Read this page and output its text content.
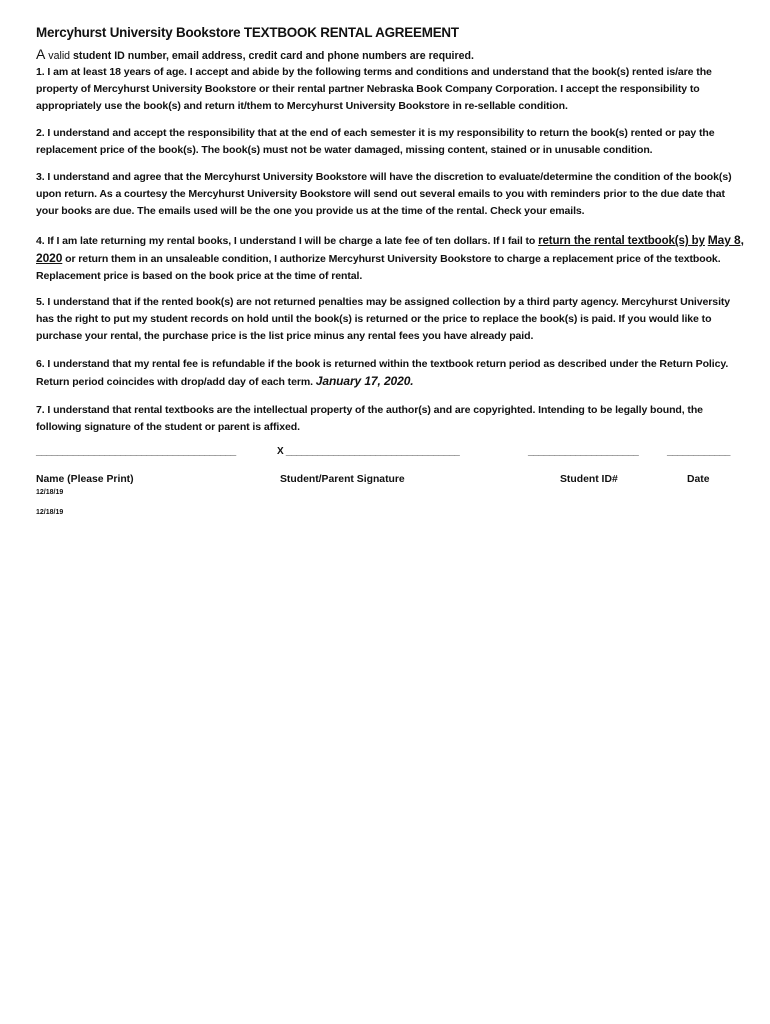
Mercyhurst University Bookstore TEXTBOOK RENTAL AGREEMENT
A valid student ID number, email address, credit card and phone numbers are required.
1. I am at least 18 years of age. I accept and abide by the following terms and conditions and understand that the book(s) rented is/are the property of Mercyhurst University Bookstore or their rental partner Nebraska Book Company Corporation. I accept the responsibility to appropriately use the book(s) and return it/them to Mercyhurst University Bookstore in re-sellable condition.
2. I understand and accept the responsibility that at the end of each semester it is my responsibility to return the book(s) rented or pay the replacement price of the book(s). The book(s) must not be water damaged, missing content, stained or in unusable condition.
3. I understand and agree that the Mercyhurst University Bookstore will have the discretion to evaluate/determine the condition of the book(s) upon return. As a courtesy the Mercyhurst University Bookstore will send out several emails to you with reminders prior to the due date that your books are due. The emails used will be the one you provide us at the time of the rental. Check your emails.
4. If I am late returning my rental books, I understand I will be charge a late fee of ten dollars. If I fail to return the rental textbook(s) by May 8, 2020 or return them in an unsaleable condition, I authorize Mercyhurst University Bookstore to charge a replacement price of the textbook. Replacement price is based on the book price at the time of rental.
5. I understand that if the rented book(s) are not returned penalties may be assigned collection by a third party agency. Mercyhurst University has the right to put my student records on hold until the book(s) is returned or the price to replace the book(s) is paid. If you would like to purchase your rental, the purchase price is the list price minus any rental fees you have already paid.
6. I understand that my rental fee is refundable if the book is returned within the textbook return period as described under the Return Policy. Return period coincides with drop/add day of each term. January 17, 2020.
7. I understand that rental textbooks are the intellectual property of the author(s) and are copyrighted. Intending to be legally bound, the following signature of the student or parent is affixed.
______________________________________	X _________________________________	_____________________	____________
Name (Please Print)	Student/Parent Signature	Student ID#	Date
12/18/19
12/18/19
